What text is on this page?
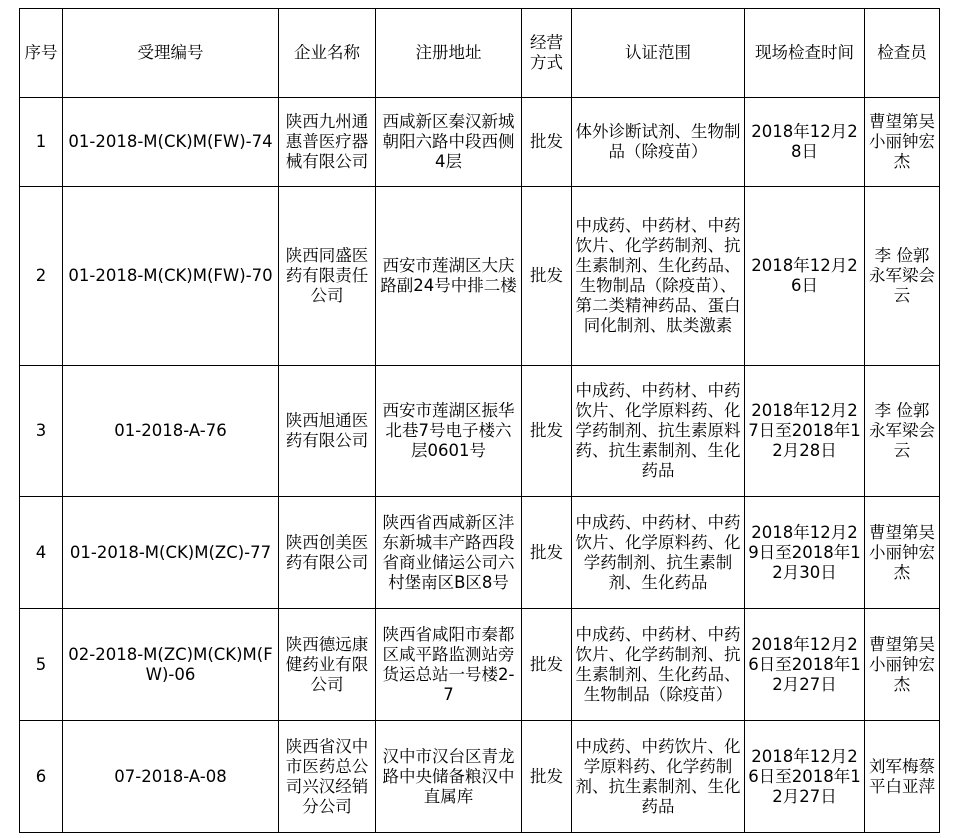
序号	受理编号	企业名称	注册地址	经营方式	认证范围	现场检查时间	检查员
1	01-2018-M(CK)M(FW)-74	陕西九州通惠普医疗器械有限公司	西咸新区秦汉新城朝阳六路中段西侧4层	批发	体外诊断试剂、生物制品（除疫苗）	2018年12月28日	曹望第吴小丽钟宏杰
2	01-2018-M(CK)M(FW)-70	陕西同盛医药有限责任公司	西安市莲湖区大庆路副24号中排二楼	批发	中成药、中药材、中药饮片、化学药制剂、抗生素制剂、生化药品、生物制品（除疫苗）、第二类精神药品、蛋白同化制剂、肽类激素	2018年12月26日	李 俭郭永军梁会云
3	01-2018-A-76	陕西旭通医药有限公司	西安市莲湖区振华北巷7号电子楼六层0601号	批发	中成药、中药材、中药饮片、化学原料药、化学药制剂、抗生素原料药、抗生素制剂、生化药品	2018年12月27日至2018年12月28日	李 俭郭永军梁会云
4	01-2018-M(CK)M(ZC)-77	陕西创美医药有限公司	陕西省西咸新区沣东新城丰产路西段省商业储运公司六村堡南区B区8号	批发	中成药、中药材、中药饮片、化学原料药、化学药制剂、抗生素制剂、生化药品	2018年12月29日至2018年12月30日	曹望第吴小丽钟宏杰
5	02-2018-M(ZC)M(CK)M(FW)-06	陕西德远康健药业有限公司	陕西省咸阳市秦都区咸平路监测站旁货运总站一号楼2-7	批发	中成药、中药材、中药饮片、化学药制剂、抗生素制剂、生化药品、生物制品（除疫苗）	2018年12月26日至2018年12月27日	曹望第吴小丽钟宏杰
6	07-2018-A-08	陕西省汉中市医药总公司兴汉经销分公司	汉中市汉台区青龙路中央储备粮汉中直属库	批发	中成药、中药饮片、化学原料药、化学药制剂、抗生素制剂、生化药品	2018年12月26日至2018年12月27日	刘军梅蔡 平白亚萍
